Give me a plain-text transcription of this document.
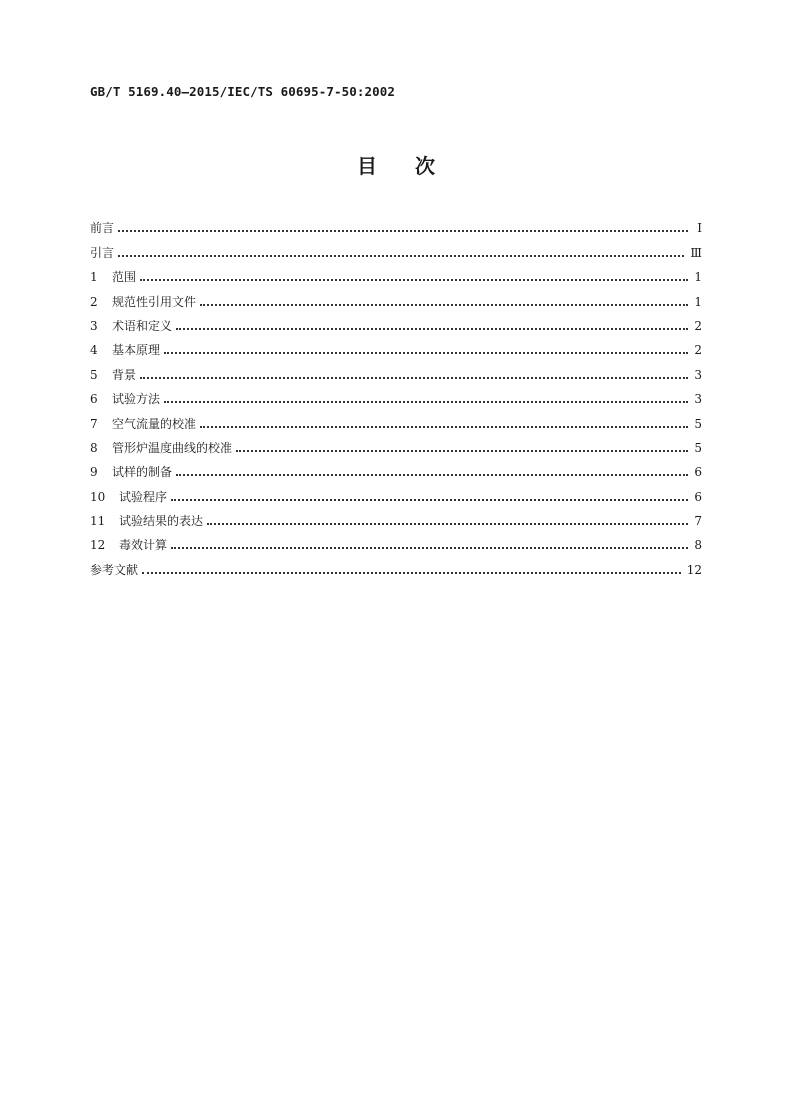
GB/T 5169.40—2015/IEC/TS 60695-7-50:2002
目次
前言	Ⅰ
引言	Ⅲ
1	范围	1
2	规范性引用文件	1
3	术语和定义	2
4	基本原理	2
5	背景	3
6	试验方法	3
7	空气流量的校准	5
8	管形炉温度曲线的校准	5
9	试样的制备	6
10	试验程序	6
11	试验结果的表达	7
12	毒效计算	8
参考文献	12
